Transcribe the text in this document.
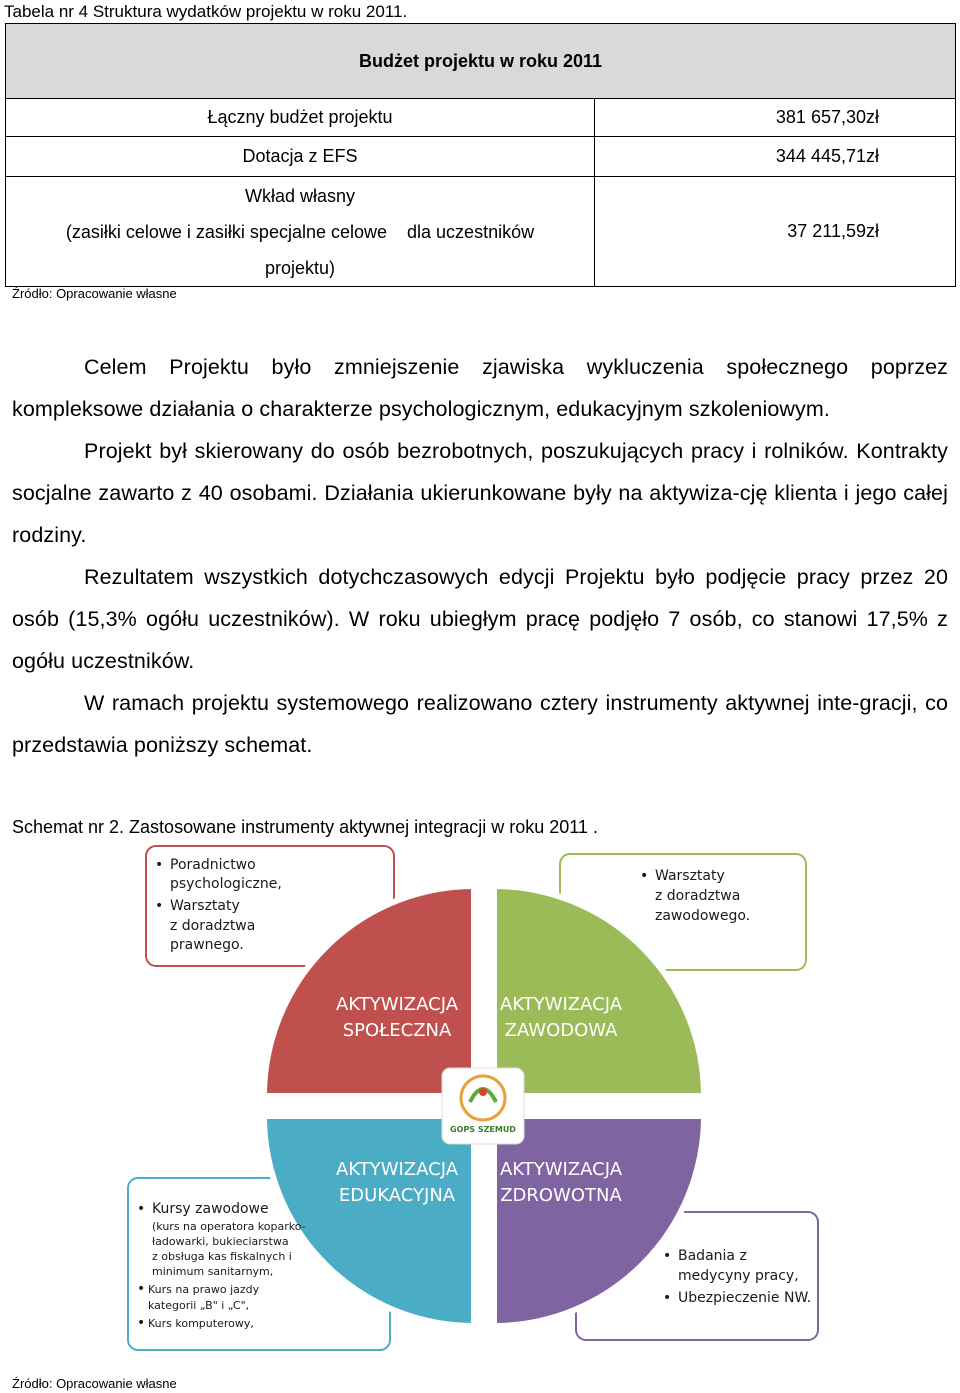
Tabela nr 4 Struktura wydatków projektu w roku 2011.
Budżet projektu w roku 2011	
Łączny budżet projektu	381 657,30zł
Dotacja z EFS	344 445,71zł

Wkład własny
(zasiłki celowe i zasiłki specjalne celowe    dla uczestników
projektu)	37 211,59zł
Źródło: Opracowanie własne

Celem Projektu było zmniejszenie zjawiska wykluczenia społecznego poprzez kompleksowe działania o charakterze psychologicznym, edukacyjnym szkoleniowym.

Projekt był skierowany do osób bezrobotnych, poszukujących pracy i rolników. Kontrakty socjalne zawarto z 40 osobami. Działania ukierunkowane były na aktywiza-cję klienta i jego całej rodziny.

Rezultatem wszystkich dotychczasowych edycji Projektu było podjęcie pracy przez 20 osób (15,3% ogółu uczestników). W roku ubiegłym pracę podjęło 7 osób, co stanowi 17,5% z ogółu uczestników.

W ramach projektu systemowego realizowano cztery instrumenty aktywnej inte-gracji, co przedstawia poniższy schemat.

Schemat nr 2. Zastosowane instrumenty aktywnej integracji w roku 2011 .
AKTYWIZACJA
SPOŁECZNA
AKTYWIZACJA
ZAWODOWA
AKTYWIZACJA
EDUKACYJNA
AKTYWIZACJA
ZDROWOTNA
GOPS SZEMUD
• Poradnictwo
psychologiczne,
• Warsztaty
z doradztwa
prawnego.
• Warsztaty
z doradztwa
zawodowego.
• Kursy zawodowe
(kurs na operatora koparko-
ładowarki, bukieciarstwa
z obsługa kas fiskalnych i
minimum sanitarnym,
• Kurs na prawo jazdy
kategorii „B" i „C",
• Kurs komputerowy,
• Badania z
medycyny pracy,
• Ubezpieczenie NW.
Źródło: Opracowanie własne
